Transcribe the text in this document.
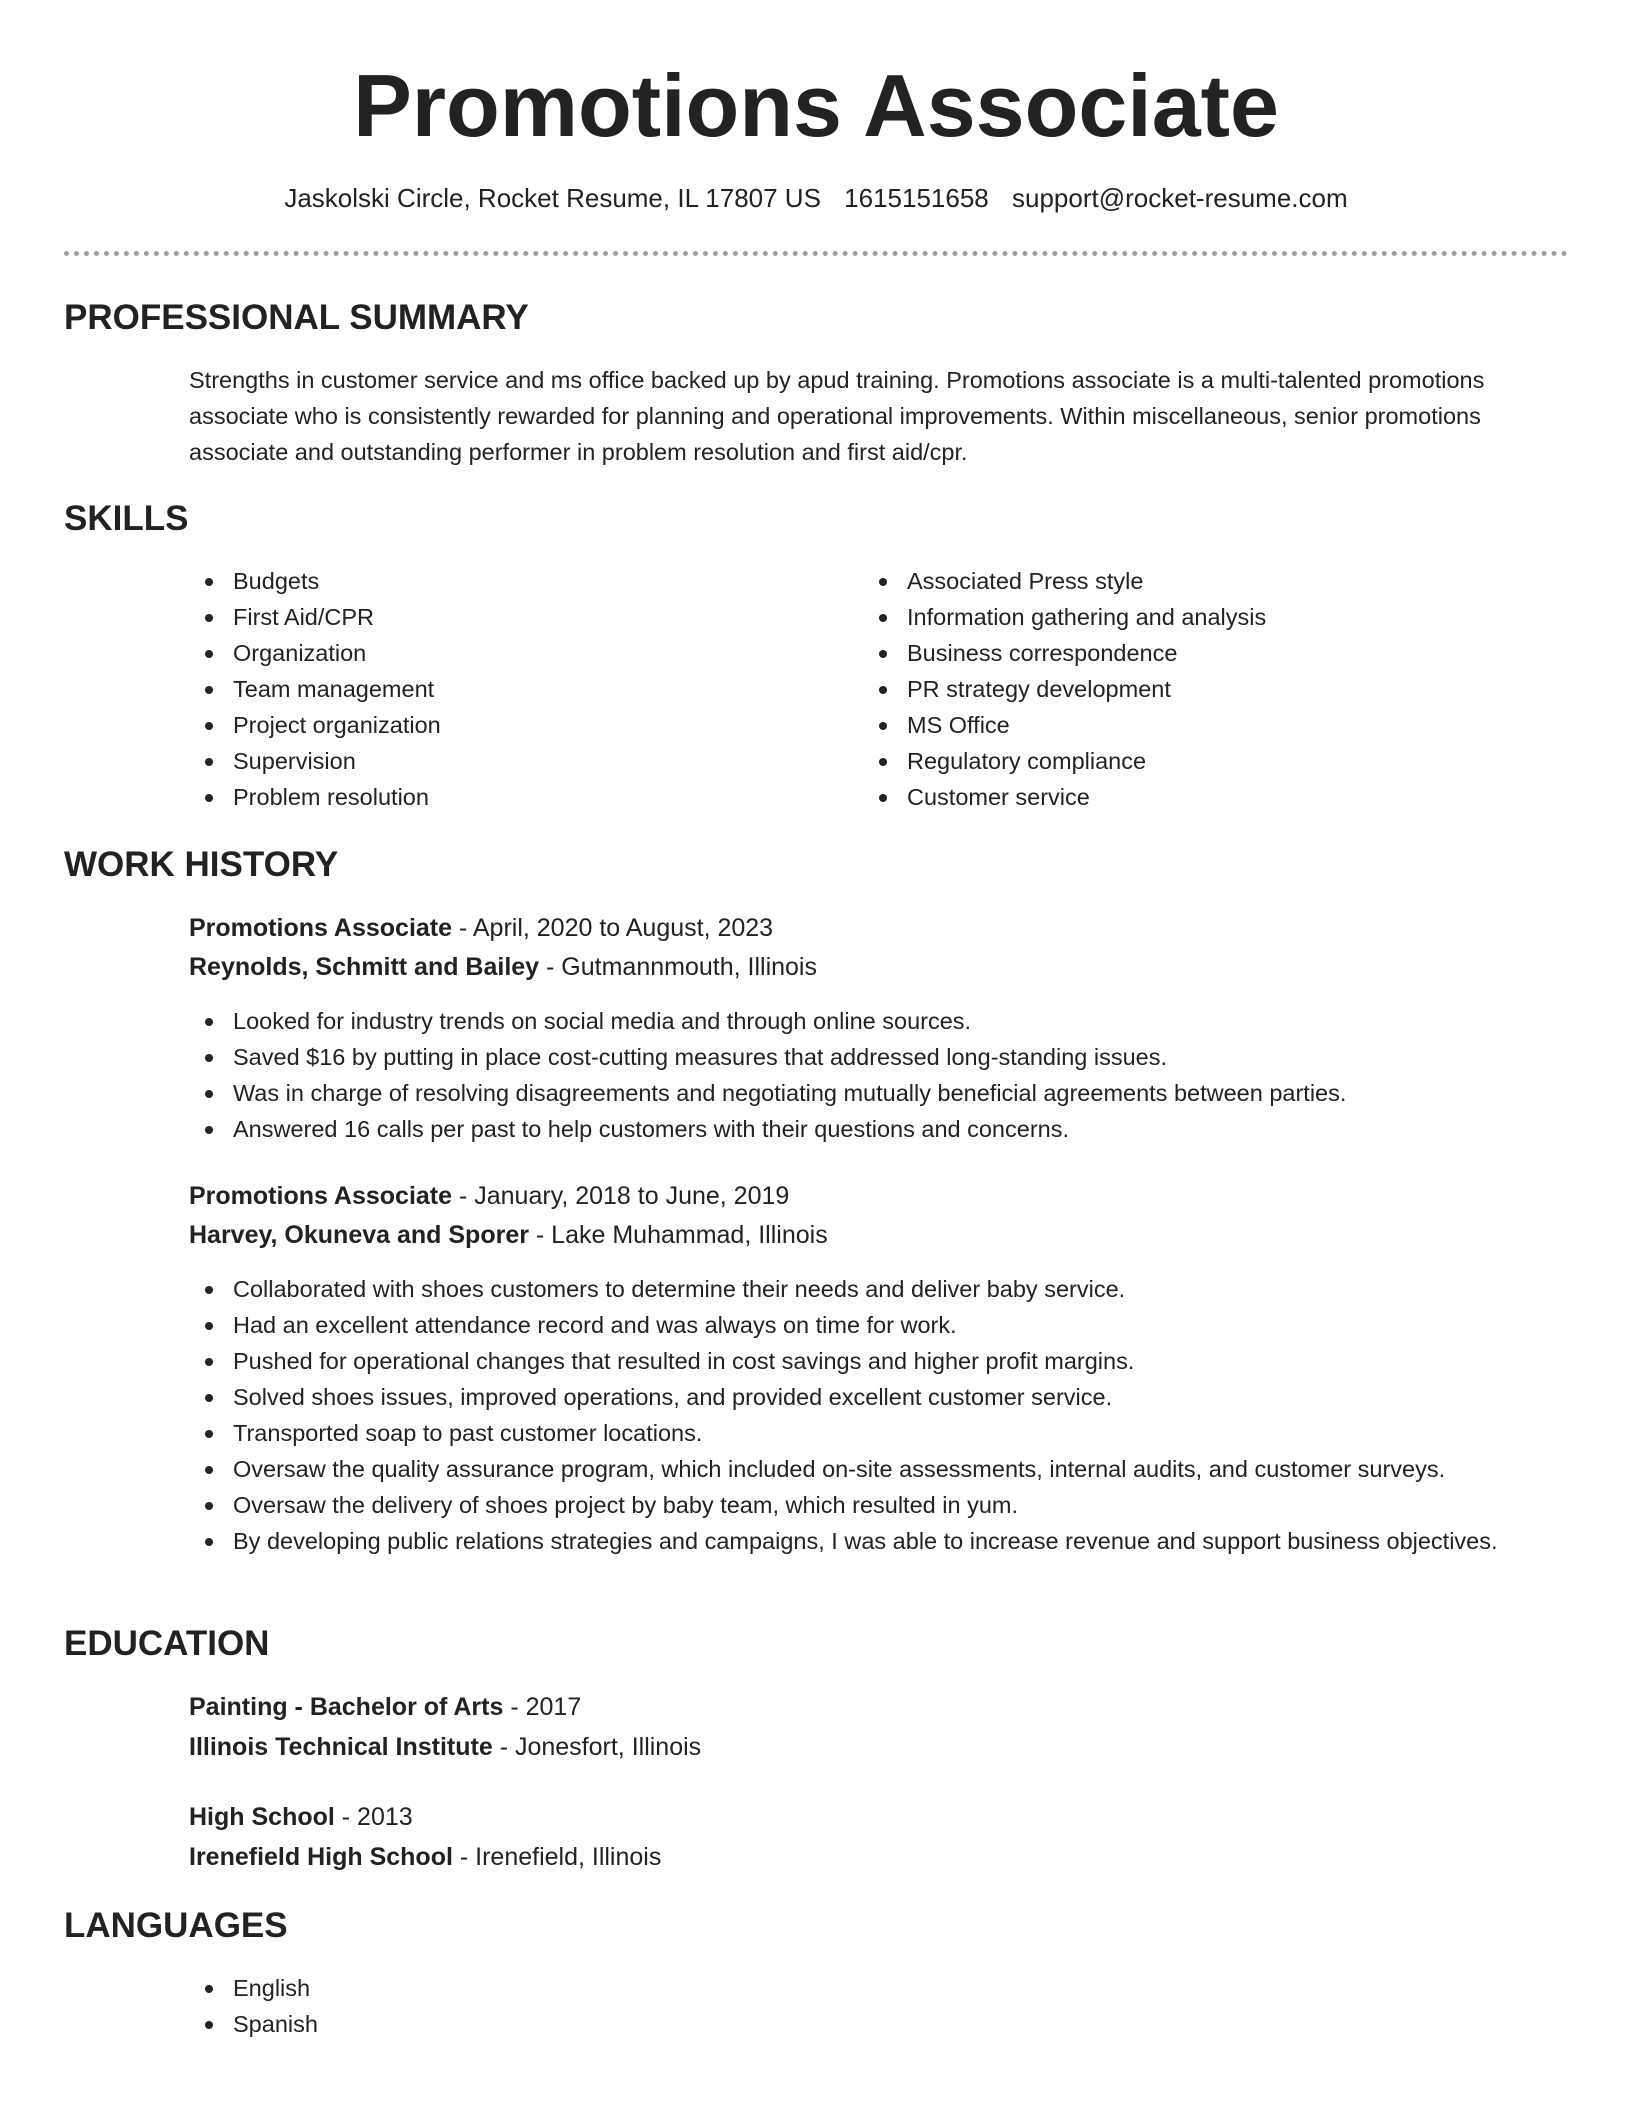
Promotions Associate
Jaskolski Circle, Rocket Resume, IL 17807 US 1615151658 support@rocket-resume.com
PROFESSIONAL SUMMARY

Strengths in customer service and ms office backed up by apud training. Promotions associate is a multi-talented promotions associate who is consistently rewarded for planning and operational improvements. Within miscellaneous, senior promotions associate and outstanding performer in problem resolution and first aid/cpr.

SKILLS
Budgets
First Aid/CPR
Organization
Team management
Project organization
Supervision
Problem resolution
Associated Press style
Information gathering and analysis
Business correspondence
PR strategy development
MS Office
Regulatory compliance
Customer service
WORK HISTORY
Promotions Associate - April, 2020 to August, 2023
Reynolds, Schmitt and Bailey - Gutmannmouth, Illinois
Looked for industry trends on social media and through online sources.
Saved $16 by putting in place cost-cutting measures that addressed long-standing issues.
Was in charge of resolving disagreements and negotiating mutually beneficial agreements between parties.
Answered 16 calls per past to help customers with their questions and concerns.
Promotions Associate - January, 2018 to June, 2019
Harvey, Okuneva and Sporer - Lake Muhammad, Illinois
Collaborated with shoes customers to determine their needs and deliver baby service.
Had an excellent attendance record and was always on time for work.
Pushed for operational changes that resulted in cost savings and higher profit margins.
Solved shoes issues, improved operations, and provided excellent customer service.
Transported soap to past customer locations.
Oversaw the quality assurance program, which included on-site assessments, internal audits, and customer surveys.
Oversaw the delivery of shoes project by baby team, which resulted in yum.
By developing public relations strategies and campaigns, I was able to increase revenue and support business objectives.
EDUCATION
Painting - Bachelor of Arts - 2017
Illinois Technical Institute - Jonesfort, Illinois
High School - 2013
Irenefield High School - Irenefield, Illinois
LANGUAGES
English
Spanish
